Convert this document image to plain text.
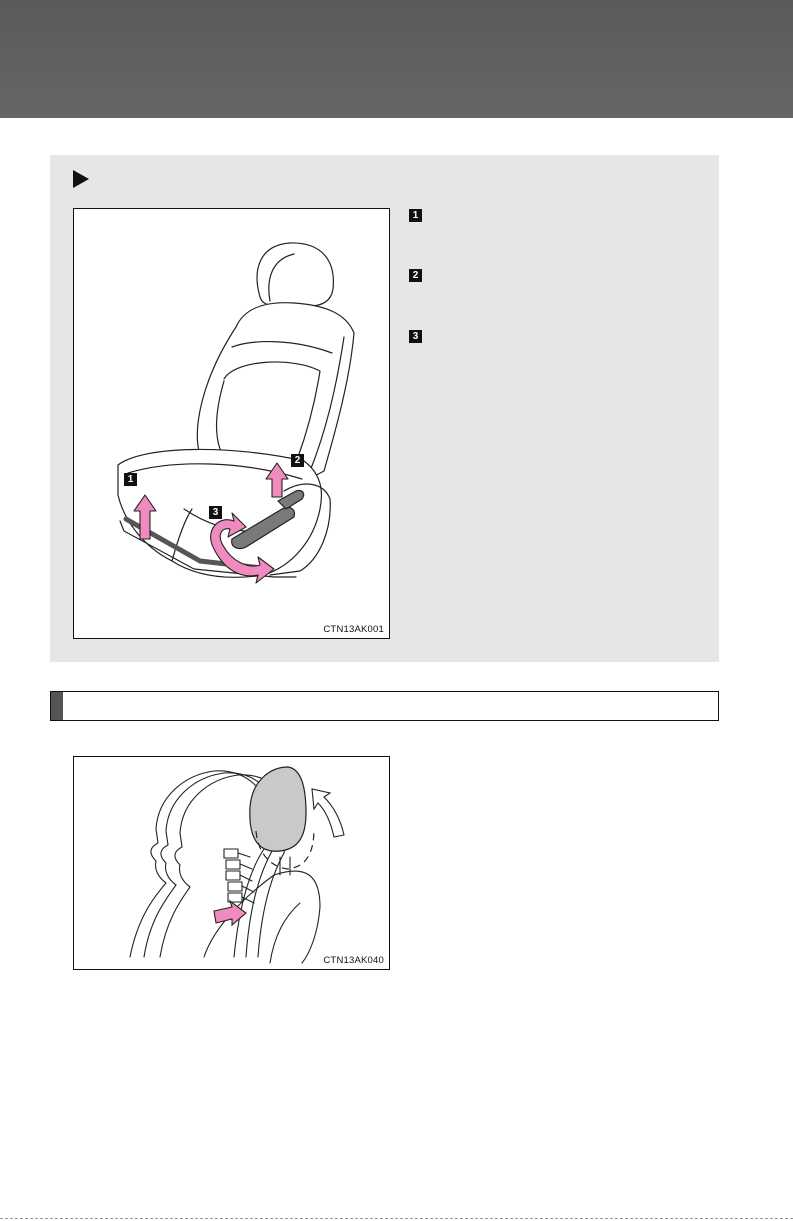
1
2
3
CTN13AK001
1
2
3
CTN13AK040
